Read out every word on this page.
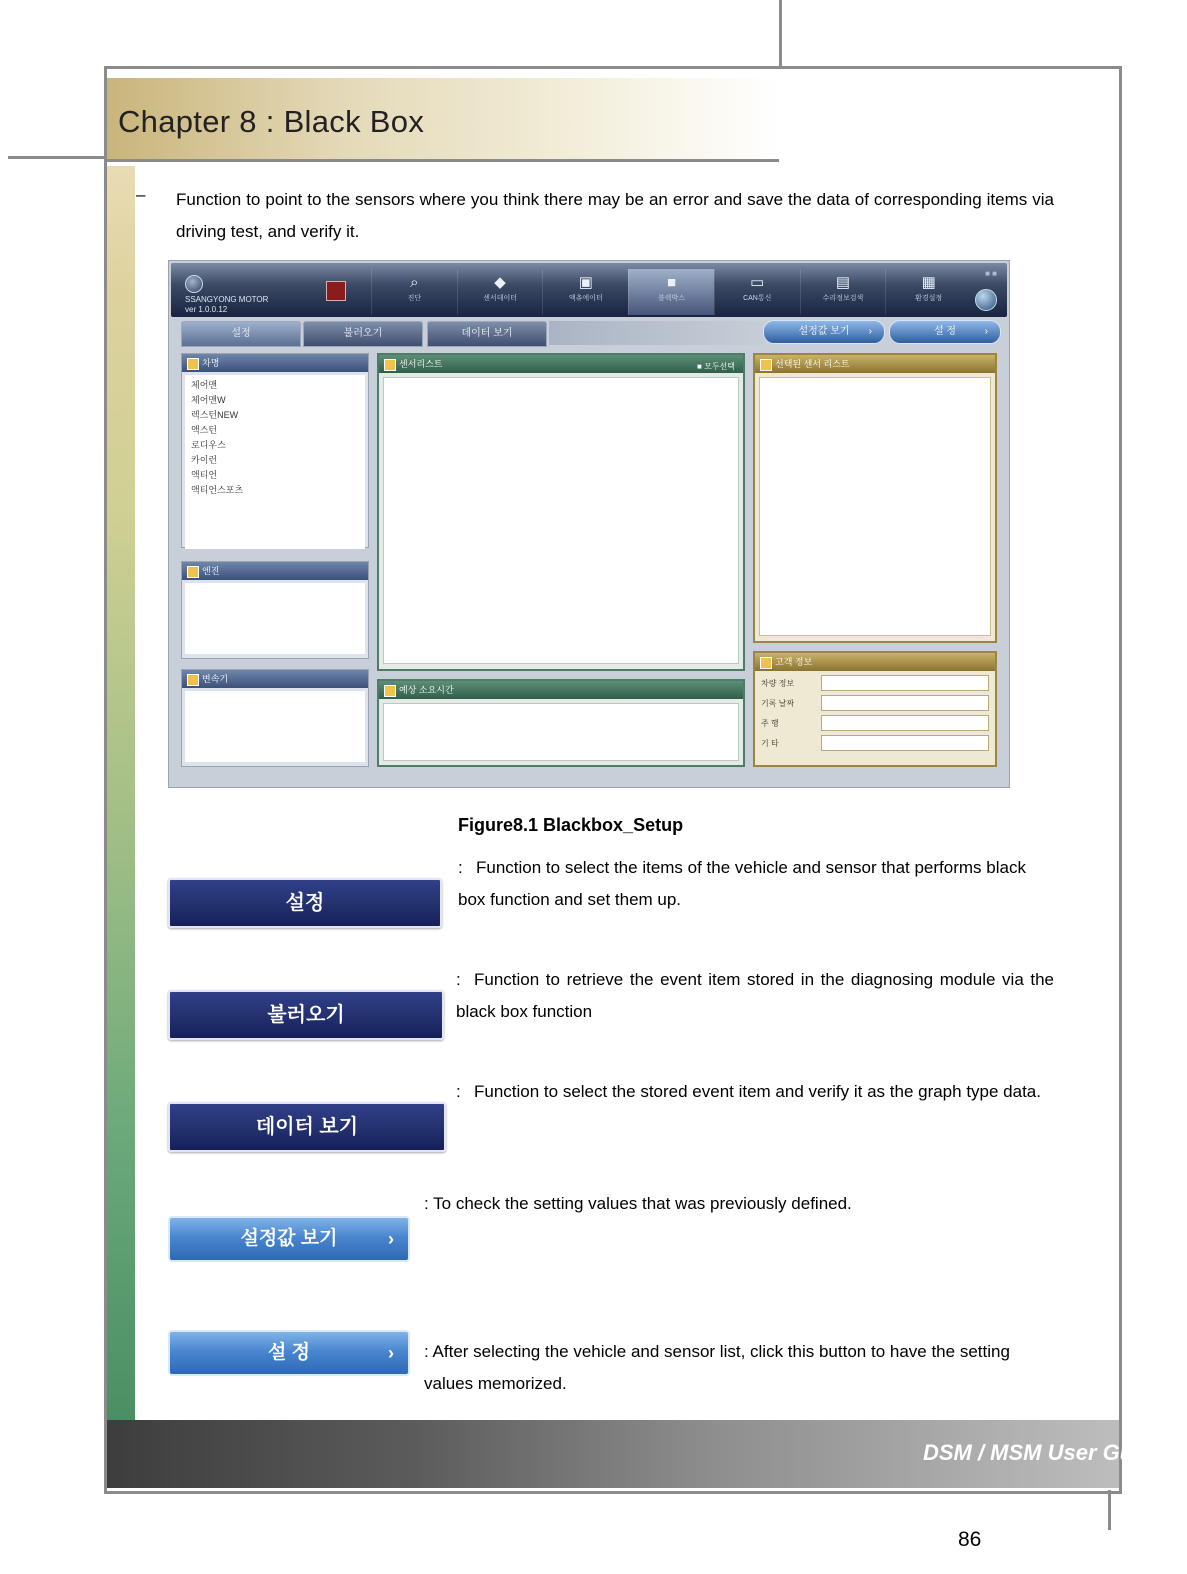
Chapter 8 : Black Box
– Function to point to the sensors where you think there may be an error and save the data of corresponding items via driving test, and verify it.
SSANGYONG MOTOR
ver 1.0.0.12
⌕
진단
◆
센서데이터
▣
액츄에이터
■
블랙박스
▭
CAN통신
▤
수리정보검색
▦
환경설정
■ ■
설정	불러오기	데이터 보기	설정값 보기 ›	설 정	›
차명
체어맨
체어맨W
렉스턴NEW
액스턴
로디우스
카이런
액티언
액티언스포츠
엔진
변속기
센서리스트	■ 모두선택
예상 소요시간
선택된 센서 리스트
고객 정보
차량 정보
기록 날짜
주 행
기 타
Figure8.1 Blackbox_Setup
설정
: Function to select the items of the vehicle and sensor that performs black box function and set them up.
불러오기
: Function to retrieve the event item stored in the diagnosing module via the black box function
데이터 보기
: Function to select the stored event item and verify it as the graph type data.
설정값 보기	›
: To check the setting values that was previously defined.
설 정	› : After selecting the vehicle and sensor list, click this button to have the setting values memorized.
DSM / MSM User Guide
86
